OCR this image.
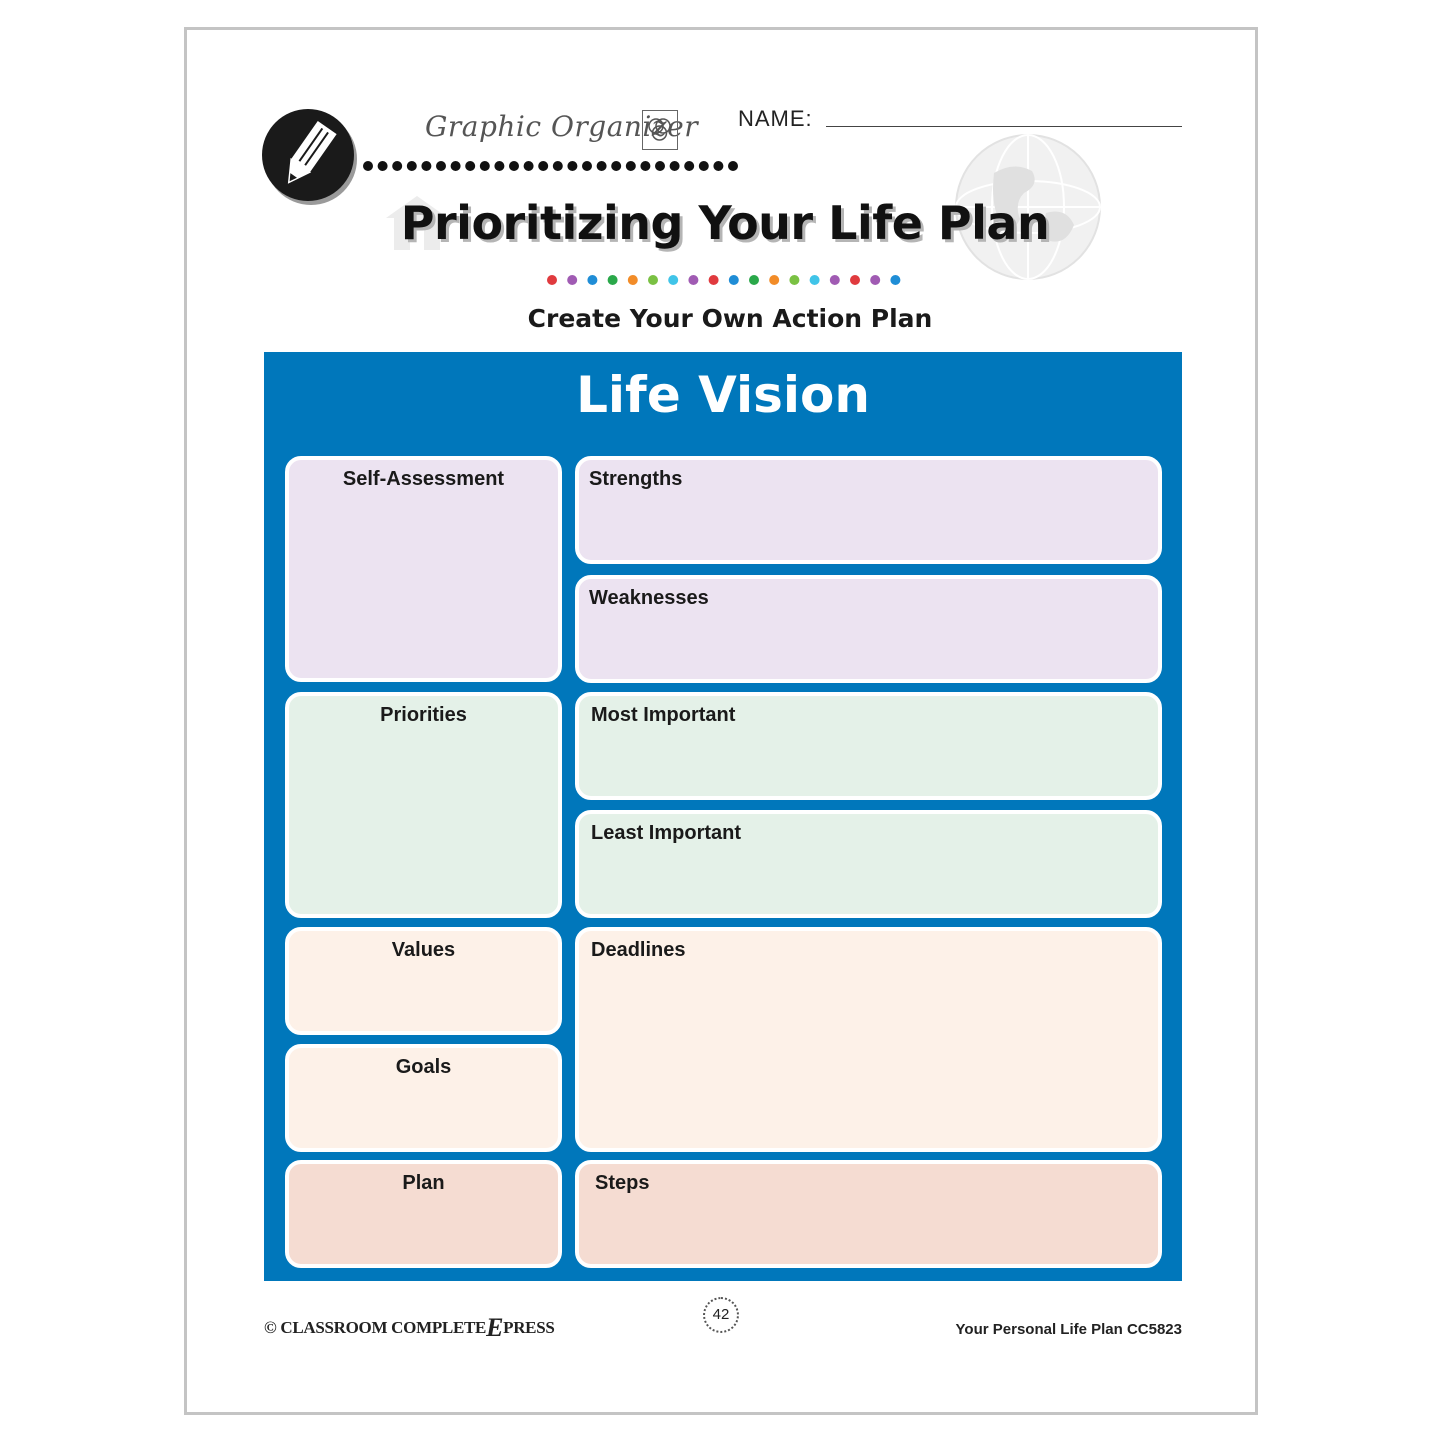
Graphic Organizer NAME:
Prioritizing Your Life Plan
Create Your Own Action Plan
Life Vision
Self-Assessment	Strengths
Weaknesses
Priorities	Most Important
Least Important
Values
Goals
Deadlines
Plan	Steps
© CLASSROOM COMPLETEEPRESS
42
Your Personal Life Plan CC5823
